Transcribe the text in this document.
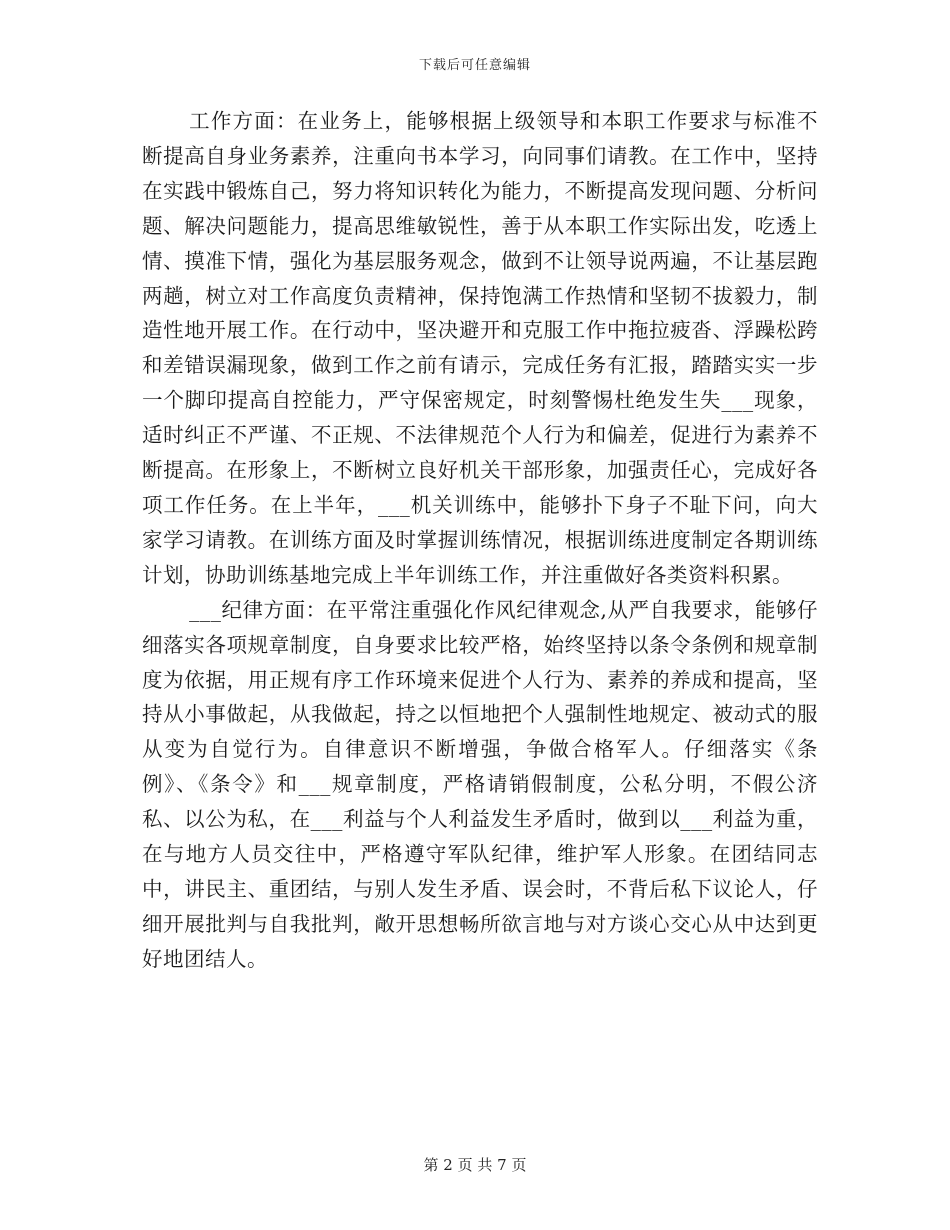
下载后可任意编辑

工作方面：在业务上，能够根据上级领导和本职工作要求与标准不断提高自身业务素养，注重向书本学习，向同事们请教。在工作中，坚持在实践中锻炼自己，努力将知识转化为能力，不断提高发现问题、分析问题、解决问题能力，提高思维敏锐性，善于从本职工作实际出发，吃透上情、摸准下情，强化为基层服务观念，做到不让领导说两遍，不让基层跑两趟，树立对工作高度负责精神，保持饱满工作热情和坚韧不拔毅力，制造性地开展工作。在行动中，坚决避开和克服工作中拖拉疲沓、浮躁松跨和差错误漏现象，做到工作之前有请示，完成任务有汇报，踏踏实实一步一个脚印提高自控能力，严守保密规定，时刻警惕杜绝发生失___现象，适时纠正不严谨、不正规、不法律规范个人行为和偏差，促进行为素养不断提高。在形象上，不断树立良好机关干部形象，加强责任心，完成好各项工作任务。在上半年，___机关训练中，能够扑下身子不耻下问，向大家学习请教。在训练方面及时掌握训练情况，根据训练进度制定各期训练计划，协助训练基地完成上半年训练工作，并注重做好各类资料积累。

___纪律方面：在平常注重强化作风纪律观念,从严自我要求，能够仔细落实各项规章制度，自身要求比较严格，始终坚持以条令条例和规章制度为依据，用正规有序工作环境来促进个人行为、素养的养成和提高，坚持从小事做起，从我做起，持之以恒地把个人强制性地规定、被动式的服从变为自觉行为。自律意识不断增强，争做合格军人。仔细落实《条例》、《条令》和___规章制度，严格请销假制度，公私分明，不假公济私、以公为私，在___利益与个人利益发生矛盾时，做到以___利益为重，在与地方人员交往中，严格遵守军队纪律，维护军人形象。在团结同志中，讲民主、重团结，与别人发生矛盾、误会时，不背后私下议论人，仔细开展批判与自我批判，敞开思想畅所欲言地与对方谈心交心从中达到更好地团结人。

第 2 页 共 7 页
